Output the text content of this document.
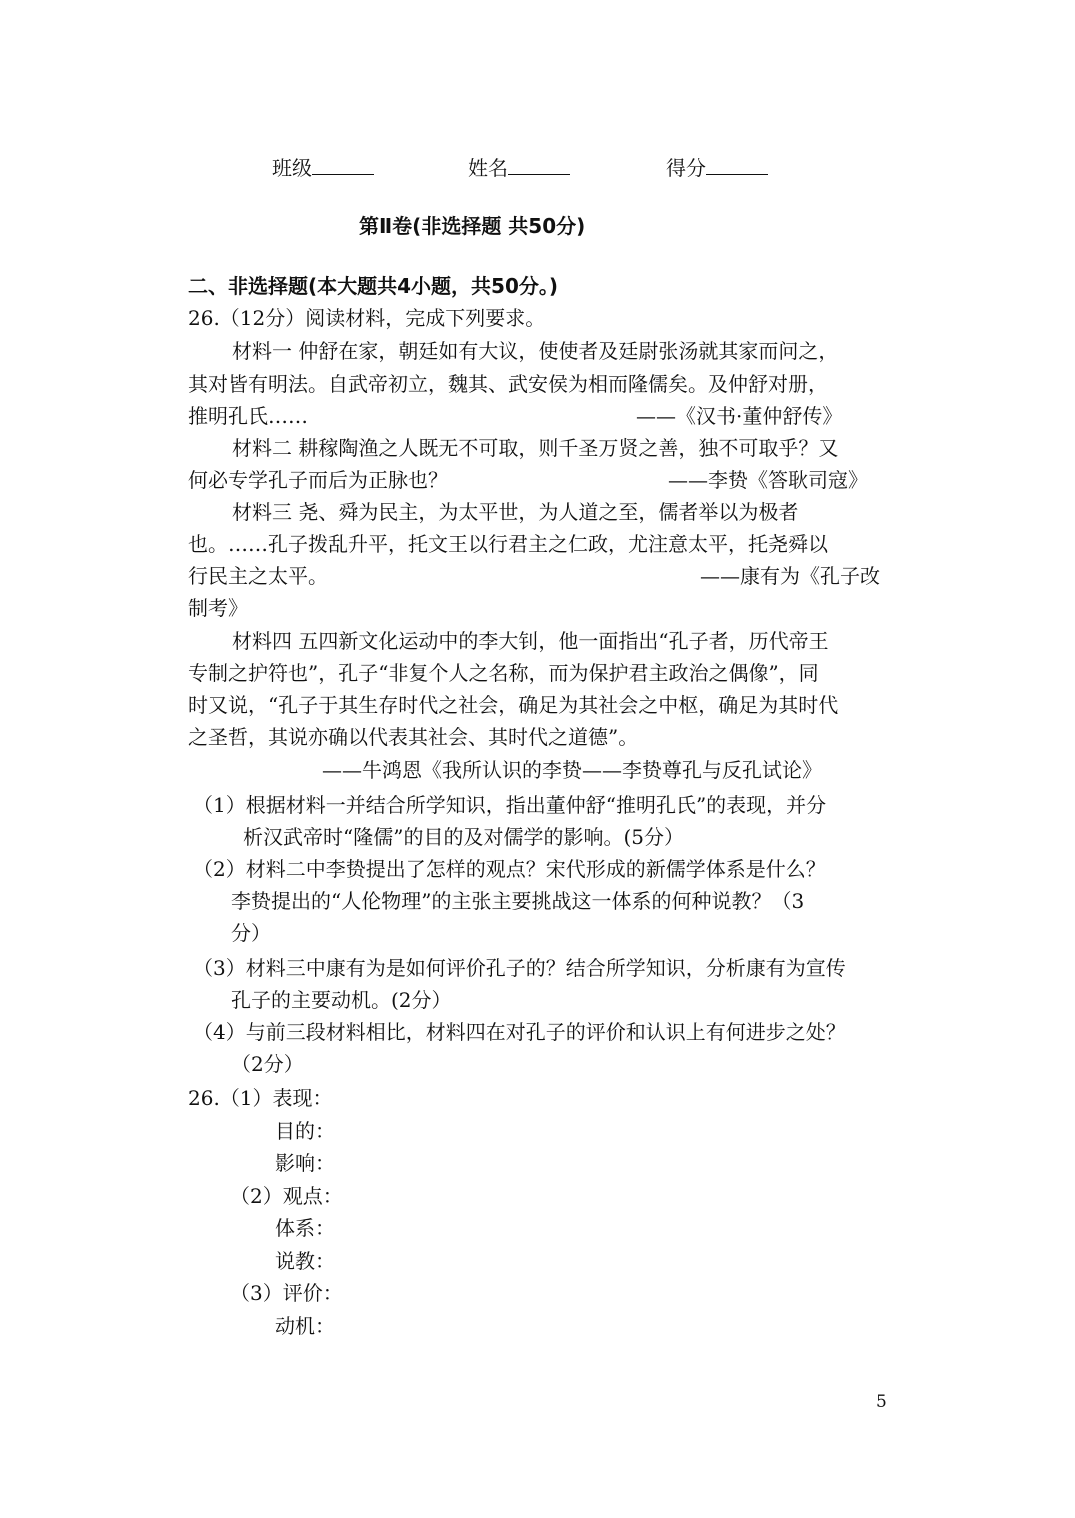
班级	姓名	得分
第Ⅱ卷(非选择题 共50分)
二、非选择题(本大题共4小题，共50分。)
26.（12分）阅读材料，完成下列要求。
材料一 仲舒在家，朝廷如有大议，使使者及廷尉张汤就其家而问之，
其对皆有明法。自武帝初立，魏其、武安侯为相而隆儒矣。及仲舒对册，
推明孔氏……	——《汉书·董仲舒传》
材料二 耕稼陶渔之人既无不可取，则千圣万贤之善，独不可取乎？又
何必专学孔子而后为正脉也？	——李贽《答耿司寇》
材料三 尧、舜为民主，为太平世，为人道之至，儒者举以为极者
也。……孔子拨乱升平，托文王以行君主之仁政，尤注意太平，托尧舜以
行民主之太平。	——康有为《孔子改
制考》
材料四 五四新文化运动中的李大钊，他一面指出“孔子者，历代帝王
专制之护符也”，孔子“非复个人之名称，而为保护君主政治之偶像”，同
时又说，“孔子于其生存时代之社会，确足为其社会之中枢，确足为其时代
之圣哲，其说亦确以代表其社会、其时代之道德”。
——牛鸿恩《我所认识的李贽——李贽尊孔与反孔试论》
（1）根据材料一并结合所学知识，指出董仲舒“推明孔氏”的表现，并分
析汉武帝时“隆儒”的目的及对儒学的影响。(5分）
（2）材料二中李贽提出了怎样的观点？宋代形成的新儒学体系是什么？
李贽提出的“人伦物理”的主张主要挑战这一体系的何种说教？（3
分）
（3）材料三中康有为是如何评价孔子的？结合所学知识，分析康有为宣传
孔子的主要动机。(2分）
（4）与前三段材料相比，材料四在对孔子的评价和认识上有何进步之处？
（2分）
26.（1）表现：
目的：
影响：
（2）观点：
体系：
说教：
（3）评价：
动机：
5
